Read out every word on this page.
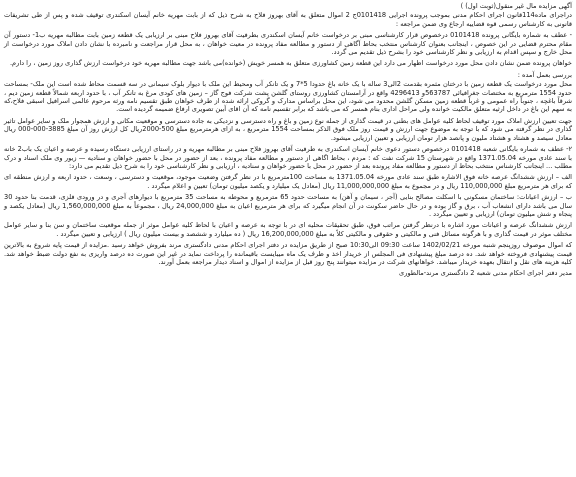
آگهی مزایده مال غیر منقول(ثوبت اول) )

دراجرای ماده114قانون اجرای احکام مدنی بموجب پرونده اجرایی 0101418ج 2 اموال متعلق به آقای بهروز فلاح به شرح ذیل که از بابت مهریه خانم آیسان اسکندری توقیف شده و پس از طی تشریفات قانونی به کارشناس رسمی قوه قضاییه ارجاع وی ضمن مراجعه :

- عطف به شماره بایگانی پرونده 0101418 درخصوص قرار کارشناسی مبنی بر درخواست خانم آیسان اسکندری بطرفیت آقای بهروز فلاح مبنی بر ارزیابی یک قطعه زمین بابت مطالبه مهریه ب1- دستور آن مقام محترم قضایی در این خصوص ، اینجانب بعنوان کارشناس منتخب بحاظ آگاهی از دستور و مطالعه مفاد پرونده در معیت خواهان ، به محل قرار مراجعت و نامبرده با نشان دادن املاک مورد درخواست از محل خارج و سپس اقدام به ارزیابی و نظر کارشناسی خود را بشرح ذیل تقدیم می گردد.

خواهان پرونده ضمن نشان دادن محل مورد درخواست اظهار می دارد این قطعه زمین کشاورزی متعلق به همسر خویش (خوانده)می باشد جهت مطالبه مهریه خود درخواست ارزش گذاری روز زمین ، را دارم.

بررسی بعمل آمده :

محل مورد درخواست یک قطعه زمین با درختان مثمره بقدمت 2الی3 ساله با یک خانه باغ حدودا 5*7 و یک تانکر آب ومحیط این ملک با دیوار بلوک سیمانی در سه قسمت محاط شده است این ملک- بمساحت حدود 1554 مترمربع به مختصات جغرافیائی 563787و 4296413 واقع در آرامستان کشاورزی روستای گلشن پشت شرکت فوج گاز – زمین های کودی مرغ به تانکر آب ، با حدود اربعه شمالاً قطعه زمین دیم ، شرقاً باغچه ، جنوباً راه عمومی و غرباً قطعه زمین مسکن گلشن محدود می شود، این محل براساس مدارک و گروکی ارائه شده از طرف خواهان طبق تقسیم نامه ورثه مرحوم عالمی اسرافیل اسبقی فلاح،که به سهم این باغ در داخل ارثیه متعلق مالکیت خوانده ولی مراحل اداری بنام همسر که می باشد که برابر تقسیم نامه که آن اقای آبین تصویری ارفاع ضمیمه گردیده است.

جهت تعیین ارزش املاک مورد توقیف لحاظ کلیه عوامل های بطنی در قیمت گذاری از جمله نوع زمین و باغ و راه دسترسی و نزدیکی به جاده دسترسی و موقعیت مکانی و ارزش همجوار ملک و سایر عوامل تاثیر گذاری در نظر گرفته می شود که با توجه به موضوع جهت ارزش و قیمت روز ملک فوق الذکر بمساحت 1554 مترمربع ، به ازای هرمترمربع مبلغ 500-2000ریال کل ارزش روز آن مبلغ 3885-000-000 ریال معادل سیصد و هشتاد و هشتاد ملیون و پانصد هزار تومان ارزیابی و تعیین ارزیابی میشود.

۲- عطف به شماره بایگانی شعبه 0101418 درخصوص دستور دعوی خانم آیسان اسکندری به طرفیت آقای بهروز فلاح مبنی بر مطالبه مهریه و در راستای ارزیابی دستگاه رسیده و عرصه و اعیان یک باب2 خانه با سند عادی مورخه 1371.05.04 واقع در شهرستان 15 شرکت نفت که : مردم ، بحاظ اگاهی از دستور و مطالعه مفاد پرونده ، بعد از حضور در محل با حضور خواهان و سنادیه — زیور وی ملک اسناد و درک مطلب ... اینجانب کارشناس منتخب بحاظ از دستور و مطالعه مفاد پرونده بعد از حضور در محل با حضور خواهان و سنادیه ، ارزیابی و نظر کارشناسی خود را به شرح ذیل تقدیم می دارد:

الف – ارزش ششدانگ عرصه خانه فوق الاشاره طبق سند عادی مورخه 1371.05.04 به مساحت 100مترمربع با در نظر گرفتن وضعیت موجود، موقعیت و دسترسی ، وسعت ، حدود اربعه و ارزش منطقه ای که برای هر مترمربع مبلغ 110,000,000 ریال و در مجموع به مبلغ 11,000,000,000 ریال (معادل یک میلیارد و یکصد میلیون تومان) تعیین و اعلام میگردد .

ب – ارزش اعیانات: ساختمان مسکونی با اسکلت مصالح بنایی (آجر ، سیمان و آهن) به مساحت حدود 65 مترمربع و محوطه به مساحت 35 مترمربع با دیوارهای آجری و در ورودی فلزی، قدمت بنا حدود 30 سال می باشد دارای انشعاب آب ، برق و گاز بوده و در حال حاضر سکونت در آن انجام میگیرد که برای هر مترمربع اعیان به مبلغ 24,000,000 ریال ، مجموعاً به مبلغ 1,560,000,000 ریال (معادل یکصد و پنجاه و شش میلیون تومان) ارزیابی و تعیین میگردد .

ارزش ششدانگ عرصه و اعیانات مورد اشاره با درنظر گرفتن مراتب فوق، طبق تحقیقات محلیه ای در با توجه به عرصه و اعیان با لحاظ کلیه عوامل موثر از جمله موقعیت ساختمان و سن بنا و سایر عوامل مختلف موثر در قیمت گذاری و با هرگونه مسائل فنی و مالکیتی و حقوقی و مالکیتی کلاً به مبلغ 16,200,000,000 ریال ( ده میلیارد و ششصد و بیست میلیون ریال ) ارزیابی و تعیین میگردد .

که اموال موصوف روزپنجم شنبه مورخه 1402/02/21 ساعت 09:30 الی10:30 صبح از طریق مزایده در دفتر اجرای احکام مدنی دادگستری مرند بفروش خواهد رسید .مزایده از قیمت پایه شروع به بالاترین قیمت پیشنهادی فروخته خواهد شد. ده درصد مبلغ پیشنهادی فی المجلس از خریدار اخذ و ظرف یک ماه میبایست باقیمانده را پرداخت نماید در غیر این صورت ده درصد واریزی به نفع دولت ضبط خواهد شد. کلیه هزینه های نقل و انتقال بعهده خریدار میباشد. خواهانهای شرکت در مزایده میتوانند پنج روز قبل از مزایده از اموال و اسناد دیدار مراجعه بعمل آورند.

مدیر دفتر اجرای احکام مدنی شعبه 2 دادگستری مرند-مالطوری
